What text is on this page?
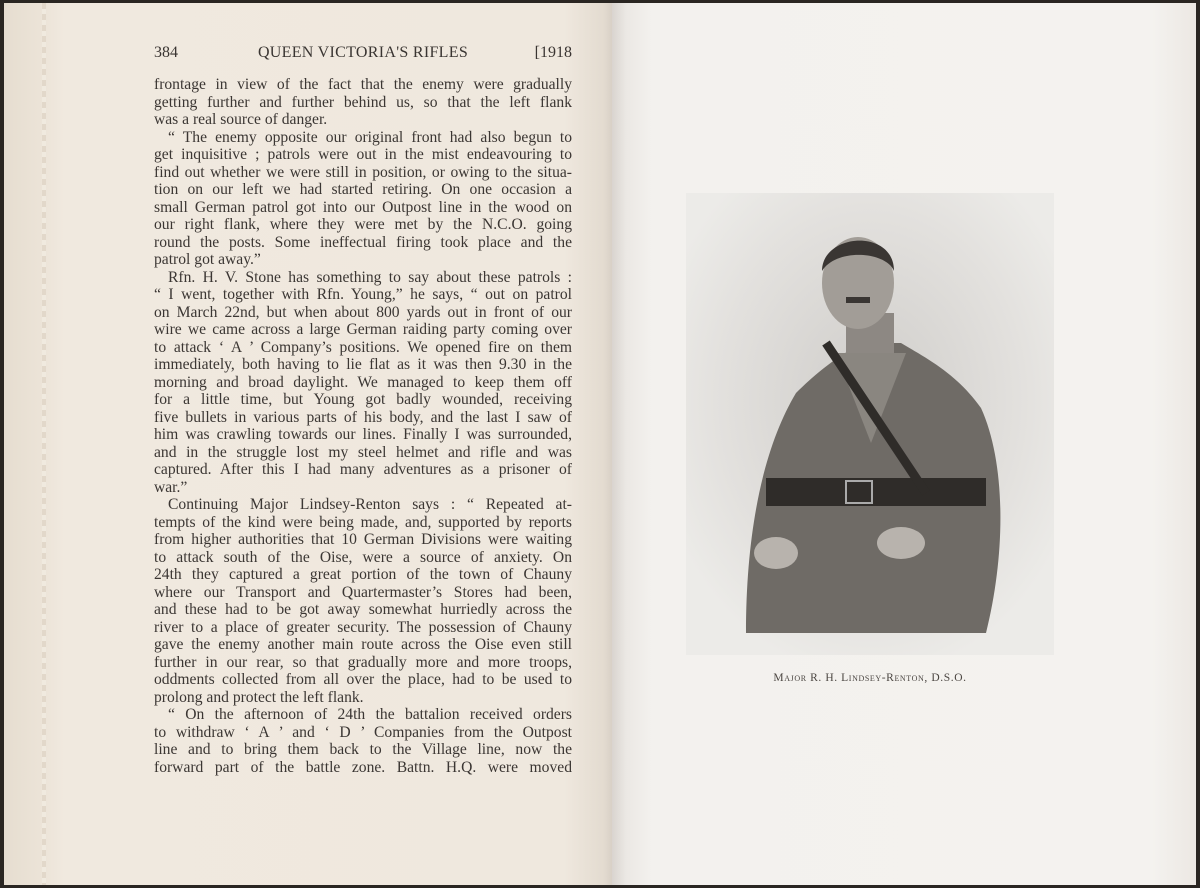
384	QUEEN VICTORIA'S RIFLES	[1918
frontage in view of the fact that the enemy were gradually
getting further and further behind us, so that the left flank
was a real source of danger.
“ The enemy opposite our original front had also begun to
get inquisitive ; patrols were out in the mist endeavouring to
find out whether we were still in position, or owing to the situa-
tion on our left we had started retiring. On one occasion a
small German patrol got into our Outpost line in the wood on
our right flank, where they were met by the N.C.O. going
round the posts. Some ineffectual firing took place and the
patrol got away.”
Rfn. H. V. Stone has something to say about these patrols :
“ I went, together with Rfn. Young,” he says, “ out on patrol
on March 22nd, but when about 800 yards out in front of our
wire we came across a large German raiding party coming over
to attack ‘ A ’ Company’s positions. We opened fire on them
immediately, both having to lie flat as it was then 9.30 in the
morning and broad daylight. We managed to keep them off
for a little time, but Young got badly wounded, receiving
five bullets in various parts of his body, and the last I saw of
him was crawling towards our lines. Finally I was surrounded,
and in the struggle lost my steel helmet and rifle and was
captured. After this I had many adventures as a prisoner of
war.”
Continuing Major Lindsey-Renton says : “ Repeated at-
tempts of the kind were being made, and, supported by reports
from higher authorities that 10 German Divisions were waiting
to attack south of the Oise, were a source of anxiety. On
24th they captured a great portion of the town of Chauny
where our Transport and Quartermaster’s Stores had been,
and these had to be got away somewhat hurriedly across the
river to a place of greater security. The possession of Chauny
gave the enemy another main route across the Oise even still
further in our rear, so that gradually more and more troops,
oddments collected from all over the place, had to be used to
prolong and protect the left flank.
“ On the afternoon of 24th the battalion received orders
to withdraw ‘ A ’ and ‘ D ’ Companies from the Outpost
line and to bring them back to the Village line, now the
forward part of the battle zone. Battn. H.Q. were moved
Major R. H. Lindsey-Renton, D.S.O.
